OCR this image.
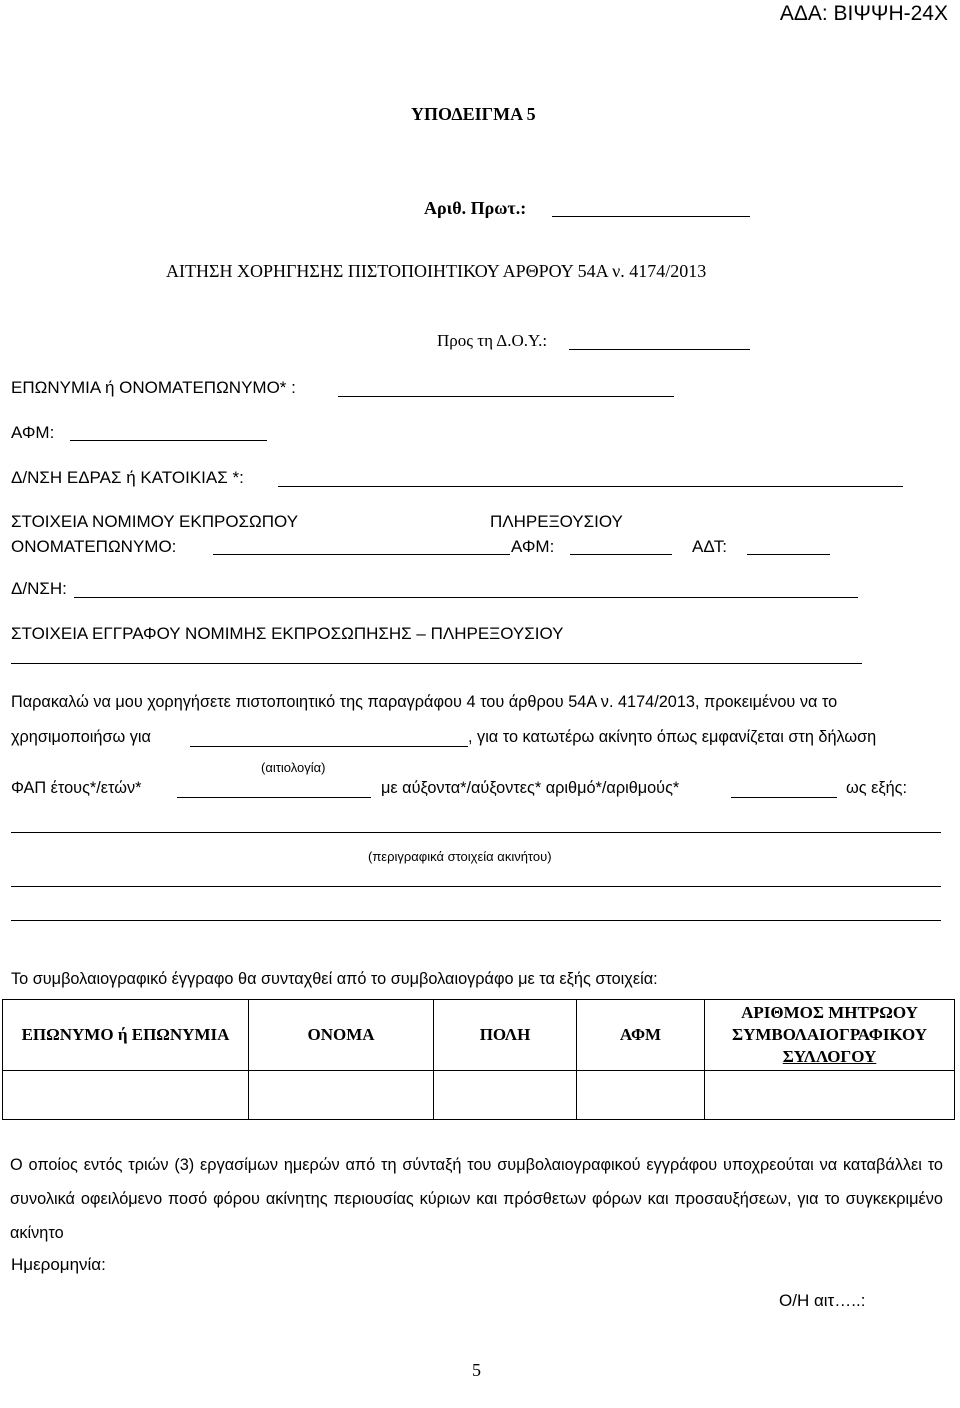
ΑΔΑ: ΒΙΨΨΗ-24Χ
ΥΠΟΔΕΙΓΜΑ 5
Αριθ. Πρωτ.:
ΑΙΤΗΣΗ ΧΟΡΗΓΗΣΗΣ ΠΙΣΤΟΠΟΙΗΤΙΚΟΥ ΑΡΘΡΟΥ 54Α ν. 4174/2013
Προς τη Δ.Ο.Υ.:
ΕΠΩΝΥΜΙΑ ή ΟΝΟΜΑΤΕΠΩΝΥΜΟ* :
ΑΦΜ:
Δ/ΝΣΗ ΕΔΡΑΣ ή ΚΑΤΟΙΚΙΑΣ *:
ΣΤΟΙΧΕΙΑ ΝΟΜΙΜΟΥ ΕΚΠΡΟΣΩΠΟΥ	ΠΛΗΡΕΞΟΥΣΙΟΥ
ΟΝΟΜΑΤΕΠΩΝΥΜΟ:	ΑΦΜ:	ΑΔΤ:
Δ/ΝΣΗ:
ΣΤΟΙΧΕΙΑ ΕΓΓΡΑΦΟΥ ΝΟΜΙΜΗΣ ΕΚΠΡΟΣΩΠΗΣΗΣ – ΠΛΗΡΕΞΟΥΣΙΟΥ
Παρακαλώ να μου χορηγήσετε πιστοποιητικό της παραγράφου 4 του άρθρου 54Α ν. 4174/2013, προκειμένου να το
χρησιμοποιήσω για	, για το κατωτέρω ακίνητο όπως εμφανίζεται στη δήλωση
(αιτιολογία)
ΦΑΠ έτους*/ετών*	με αύξοντα*/αύξοντες* αριθμό*/αριθμούς*	ως εξής:
(περιγραφικά στοιχεία ακινήτου)
Το συμβολαιογραφικό έγγραφο θα συνταχθεί από το συμβολαιογράφο με τα εξής στοιχεία:
ΕΠΩΝΥΜΟ ή ΕΠΩΝΥΜΙΑ	ΟΝΟΜΑ	ΠΟΛΗ	ΑΦΜ	ΑΡΙΘΜΟΣ ΜΗΤΡΩΟΥ
ΣΥΜΒΟΛΑΙΟΓΡΑΦΙΚΟΥ
ΣΥΛΛΟΓΟΥ

Ο οποίος εντός τριών (3) εργασίμων ημερών από τη σύνταξή του συμβολαιογραφικού εγγράφου υποχρεούται να καταβάλλει το συνολικά οφειλόμενο ποσό φόρου ακίνητης περιουσίας κύριων και πρόσθετων φόρων και προσαυξήσεων, για το συγκεκριμένο ακίνητο
Ημερομηνία:
Ο/Η αιτ…..:
5
